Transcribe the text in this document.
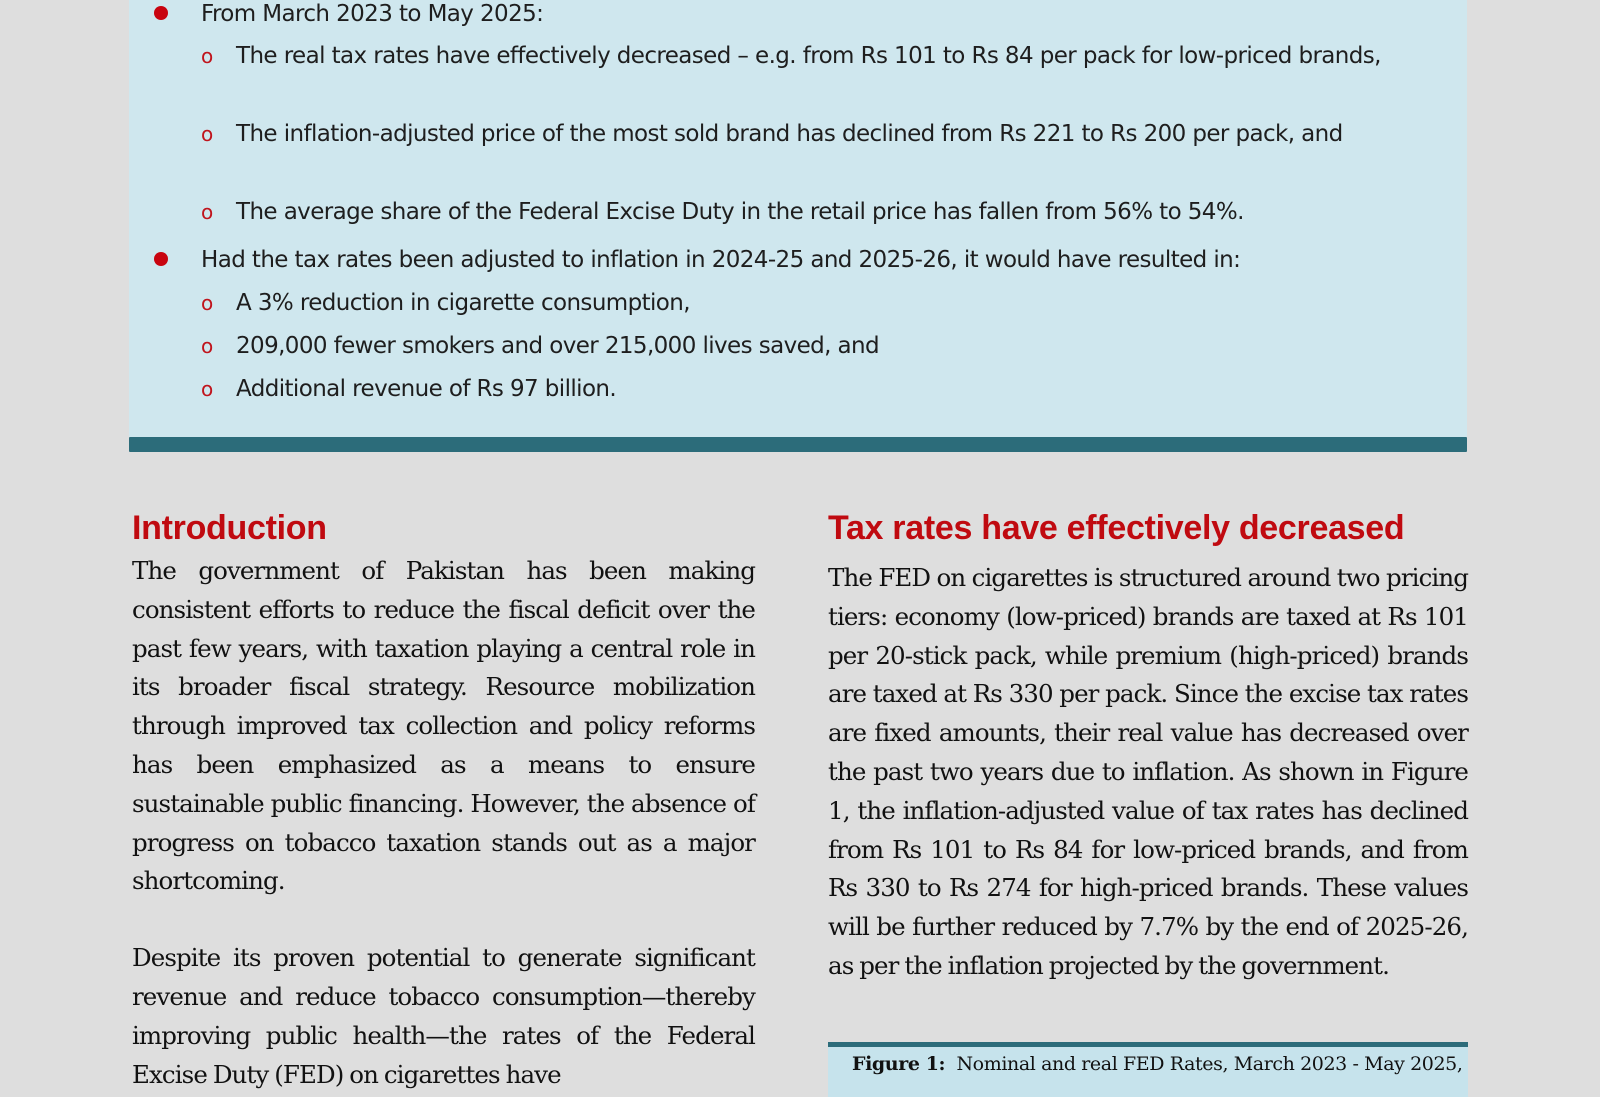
From March 2023 to May 2025:
o The real tax rates have effectively decreased – e.g. from Rs 101 to Rs 84 per pack for low-priced brands,
o The inflation-adjusted price of the most sold brand has declined from Rs 221 to Rs 200 per pack, and
o The average share of the Federal Excise Duty in the retail price has fallen from 56% to 54%.
Had the tax rates been adjusted to inflation in 2024-25 and 2025-26, it would have resulted in:
o A 3% reduction in cigarette consumption,
o 209,000 fewer smokers and over 215,000 lives saved, and
o Additional revenue of Rs 97 billion.
Introduction

The government of Pakistan has been making consistent efforts to reduce the fiscal deficit over the past few years, with taxation playing a central role in its broader fiscal strategy. Resource mobilization through improved tax collection and policy reforms has been emphasized as a means to ensure sustainable public financing. However, the absence of progress on tobacco taxation stands out as a major shortcoming.

Despite its proven potential to generate significant revenue and reduce tobacco consumption—thereby improving public health—the rates of the Federal Excise Duty (FED) on cigarettes have

Tax rates have effectively decreased

The FED on cigarettes is structured around two pricing tiers: economy (low-priced) brands are taxed at Rs 101 per 20-stick pack, while premium (high-priced) brands are taxed at Rs 330 per pack. Since the excise tax rates are fixed amounts, their real value has decreased over the past two years due to inflation. As shown in Figure 1, the inflation-adjusted value of tax rates has declined from Rs 101 to Rs 84 for low-priced brands, and from Rs 330 to Rs 274 for high-priced brands. These values will be further reduced by 7.7% by the end of 2025-26, as per the inflation projected by the government.

Figure 1: Nominal and real FED Rates, March 2023 - May 2025,
